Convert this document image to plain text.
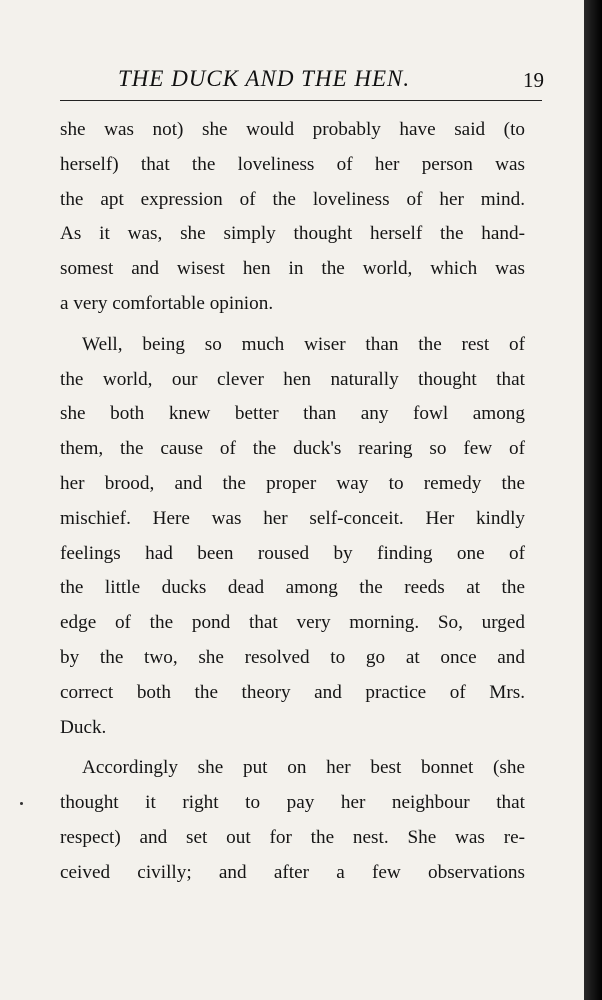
THE DUCK AND THE HEN.	19
she was not) she would probably have said (to
herself) that the loveliness of her person was
the apt expression of the loveliness of her mind.
As it was, she simply thought herself the hand-
somest and wisest hen in the world, which was
a very comfortable opinion.
Well, being so much wiser than the rest of
the world, our clever hen naturally thought that
she both knew better than any fowl among
them, the cause of the duck's rearing so few of
her brood, and the proper way to remedy the
mischief. Here was her self-conceit. Her kindly
feelings had been roused by finding one of
the little ducks dead among the reeds at the
edge of the pond that very morning. So, urged
by the two, she resolved to go at once and
correct both the theory and practice of Mrs.
Duck.
Accordingly she put on her best bonnet (she
thought it right to pay her neighbour that
respect) and set out for the nest. She was re-
ceived civilly; and after a few observations
